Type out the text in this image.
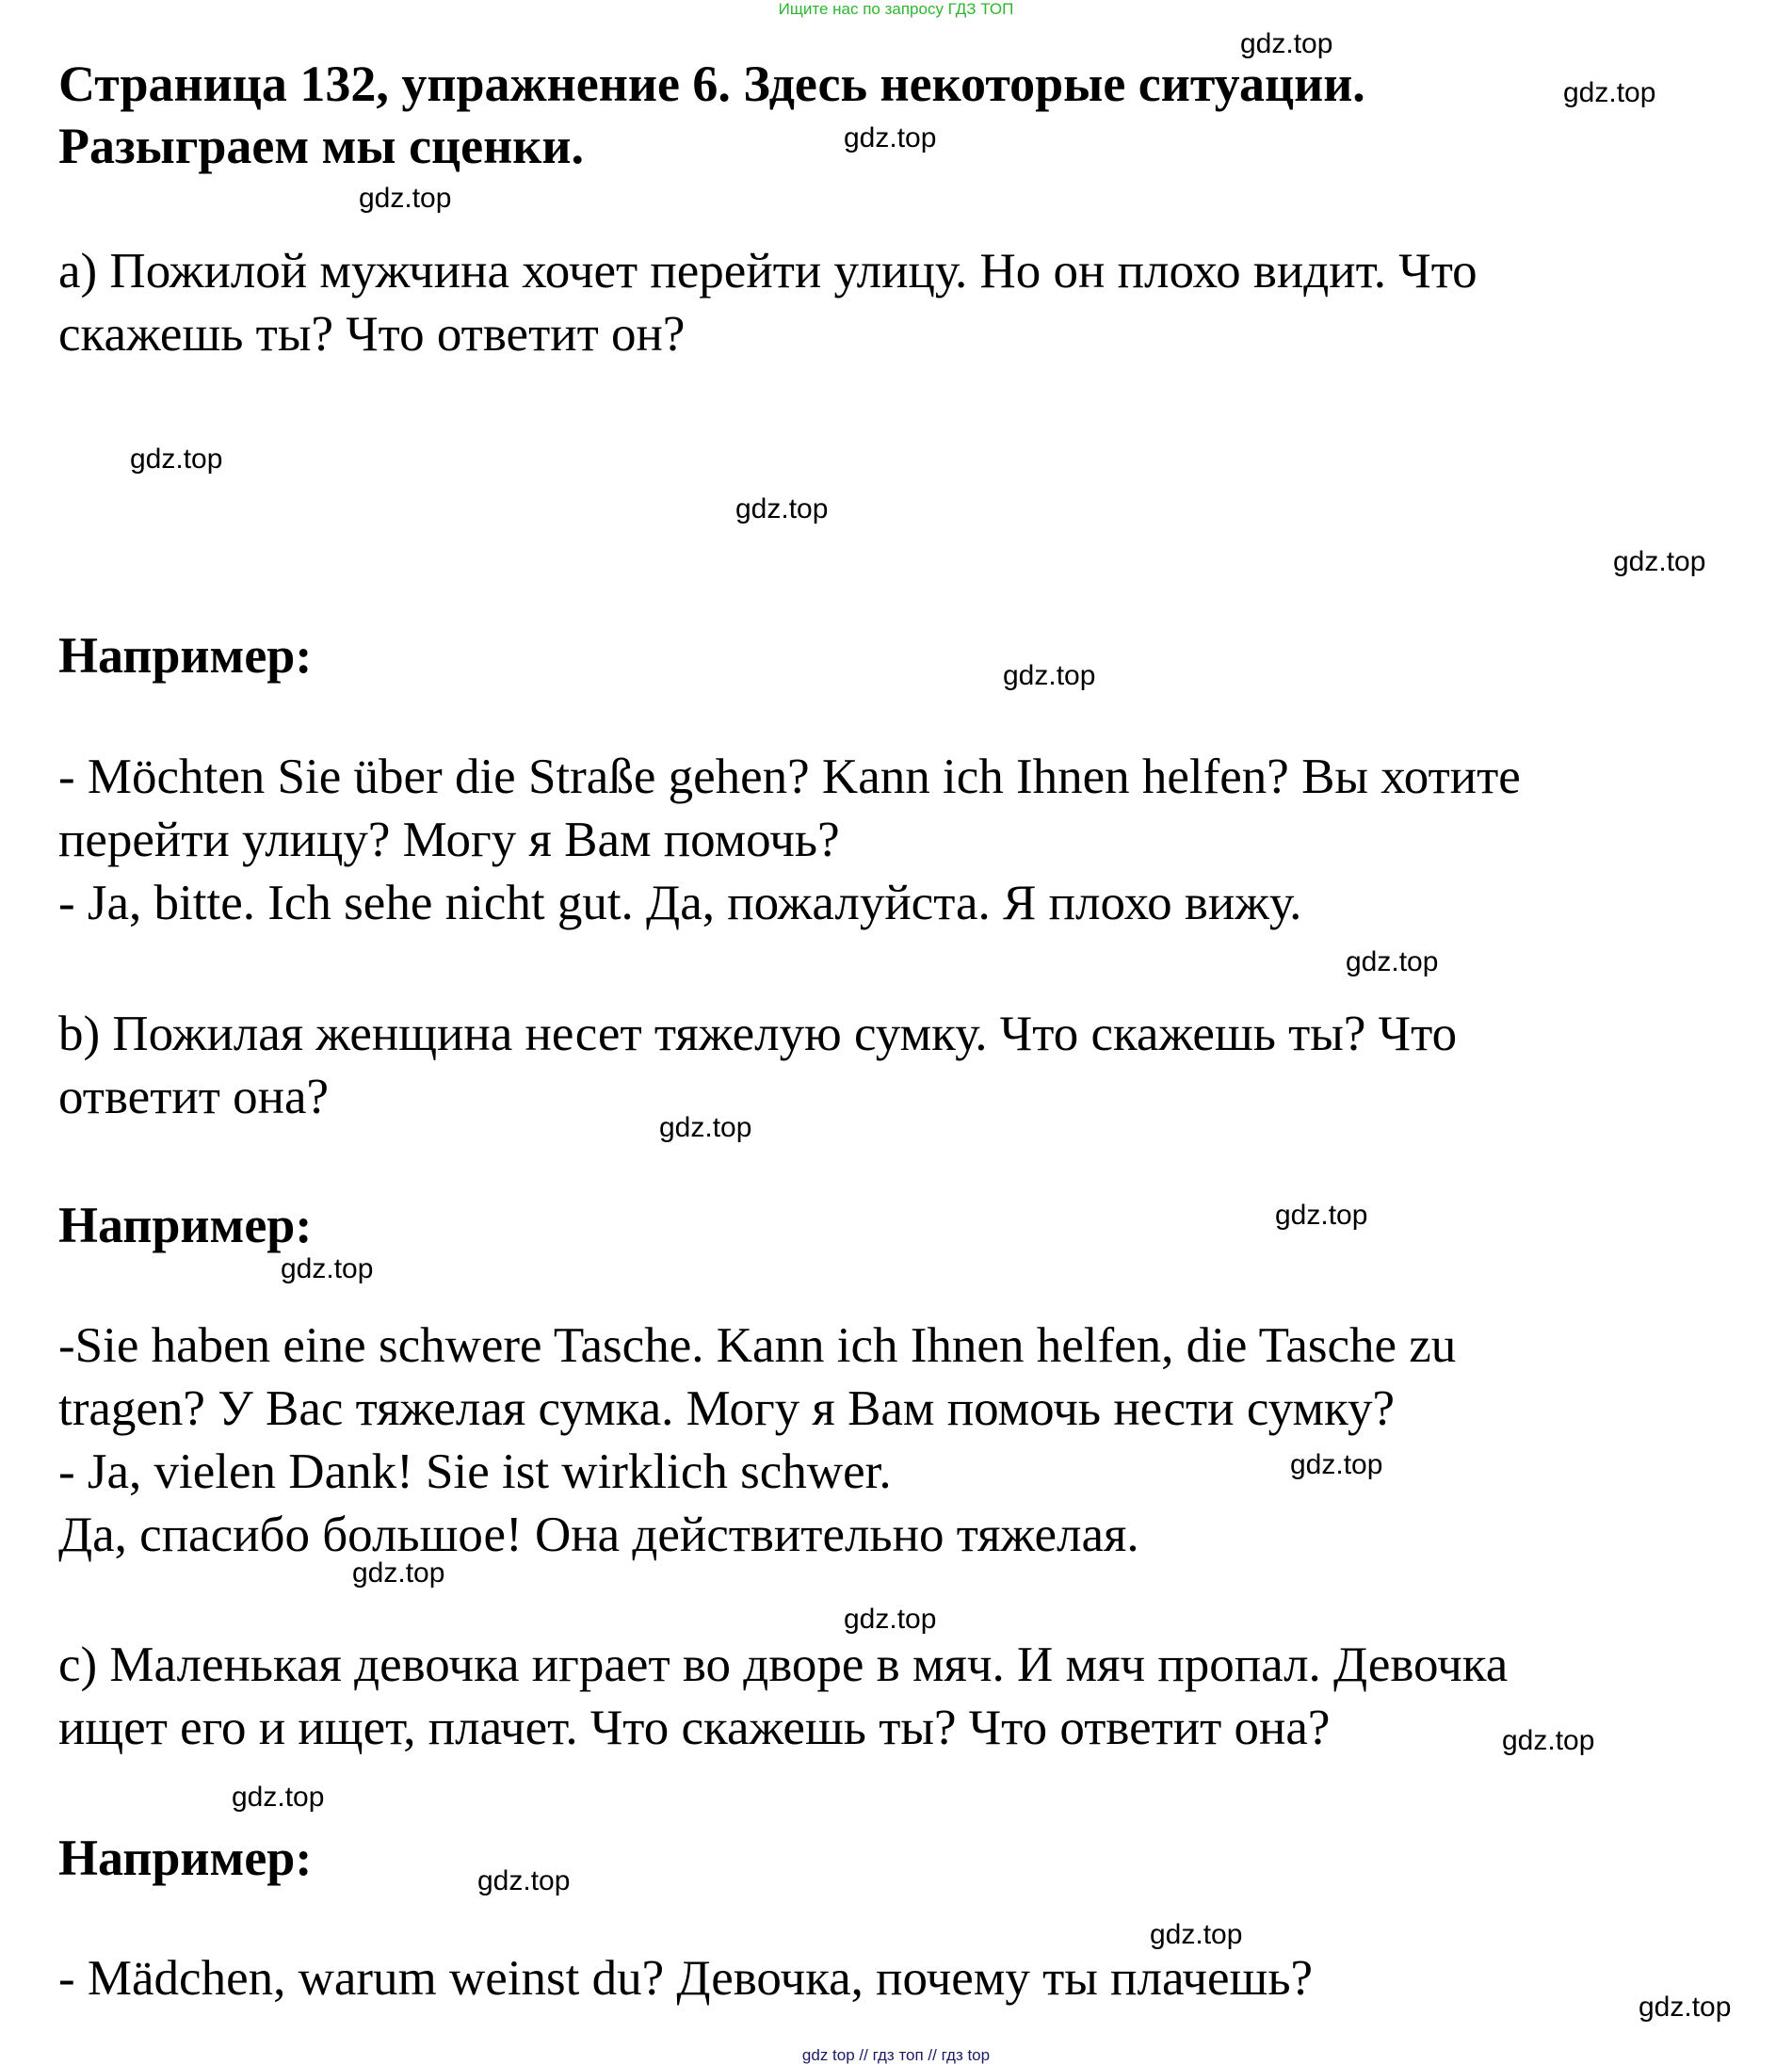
Ищите нас по запросу ГДЗ ТОП
Страница 132, упражнение 6. Здесь некоторые ситуации.
Разыграем мы сценки.
a) Пожилой мужчина хочет перейти улицу. Но он плохо видит. Что
скажешь ты? Что ответит он?
Например:
- Möchten Sie über die Straße gehen? Kann ich Ihnen helfen? Вы хотите
перейти улицу? Могу я Вам помочь?
- Ja, bitte. Ich sehe nicht gut. Да, пожалуйста. Я плохо вижу.
b) Пожилая женщина несет тяжелую сумку. Что скажешь ты? Что
ответит она?
Например:
-Sie haben eine schwere Tasche. Kann ich Ihnen helfen, die Tasche zu
tragen? У Вас тяжелая сумка. Могу я Вам помочь нести сумку?
- Ja, vielen Dank! Sie ist wirklich schwer.
Да, спасибо большое! Она действительно тяжелая.
c) Маленькая девочка играет во дворе в мяч. И мяч пропал. Девочка
ищет его и ищет, плачет. Что скажешь ты? Что ответит она?
Например:
- Mädchen, warum weinst du? Девочка, почему ты плачешь?
gdz.top
gdz.top
gdz.top
gdz.top
gdz.top
gdz.top
gdz.top
gdz.top
gdz.top
gdz.top
gdz.top
gdz.top
gdz.top
gdz.top
gdz.top
gdz.top
gdz.top
gdz.top
gdz.top
gdz.top
gdz top // гдз топ // гдз top
